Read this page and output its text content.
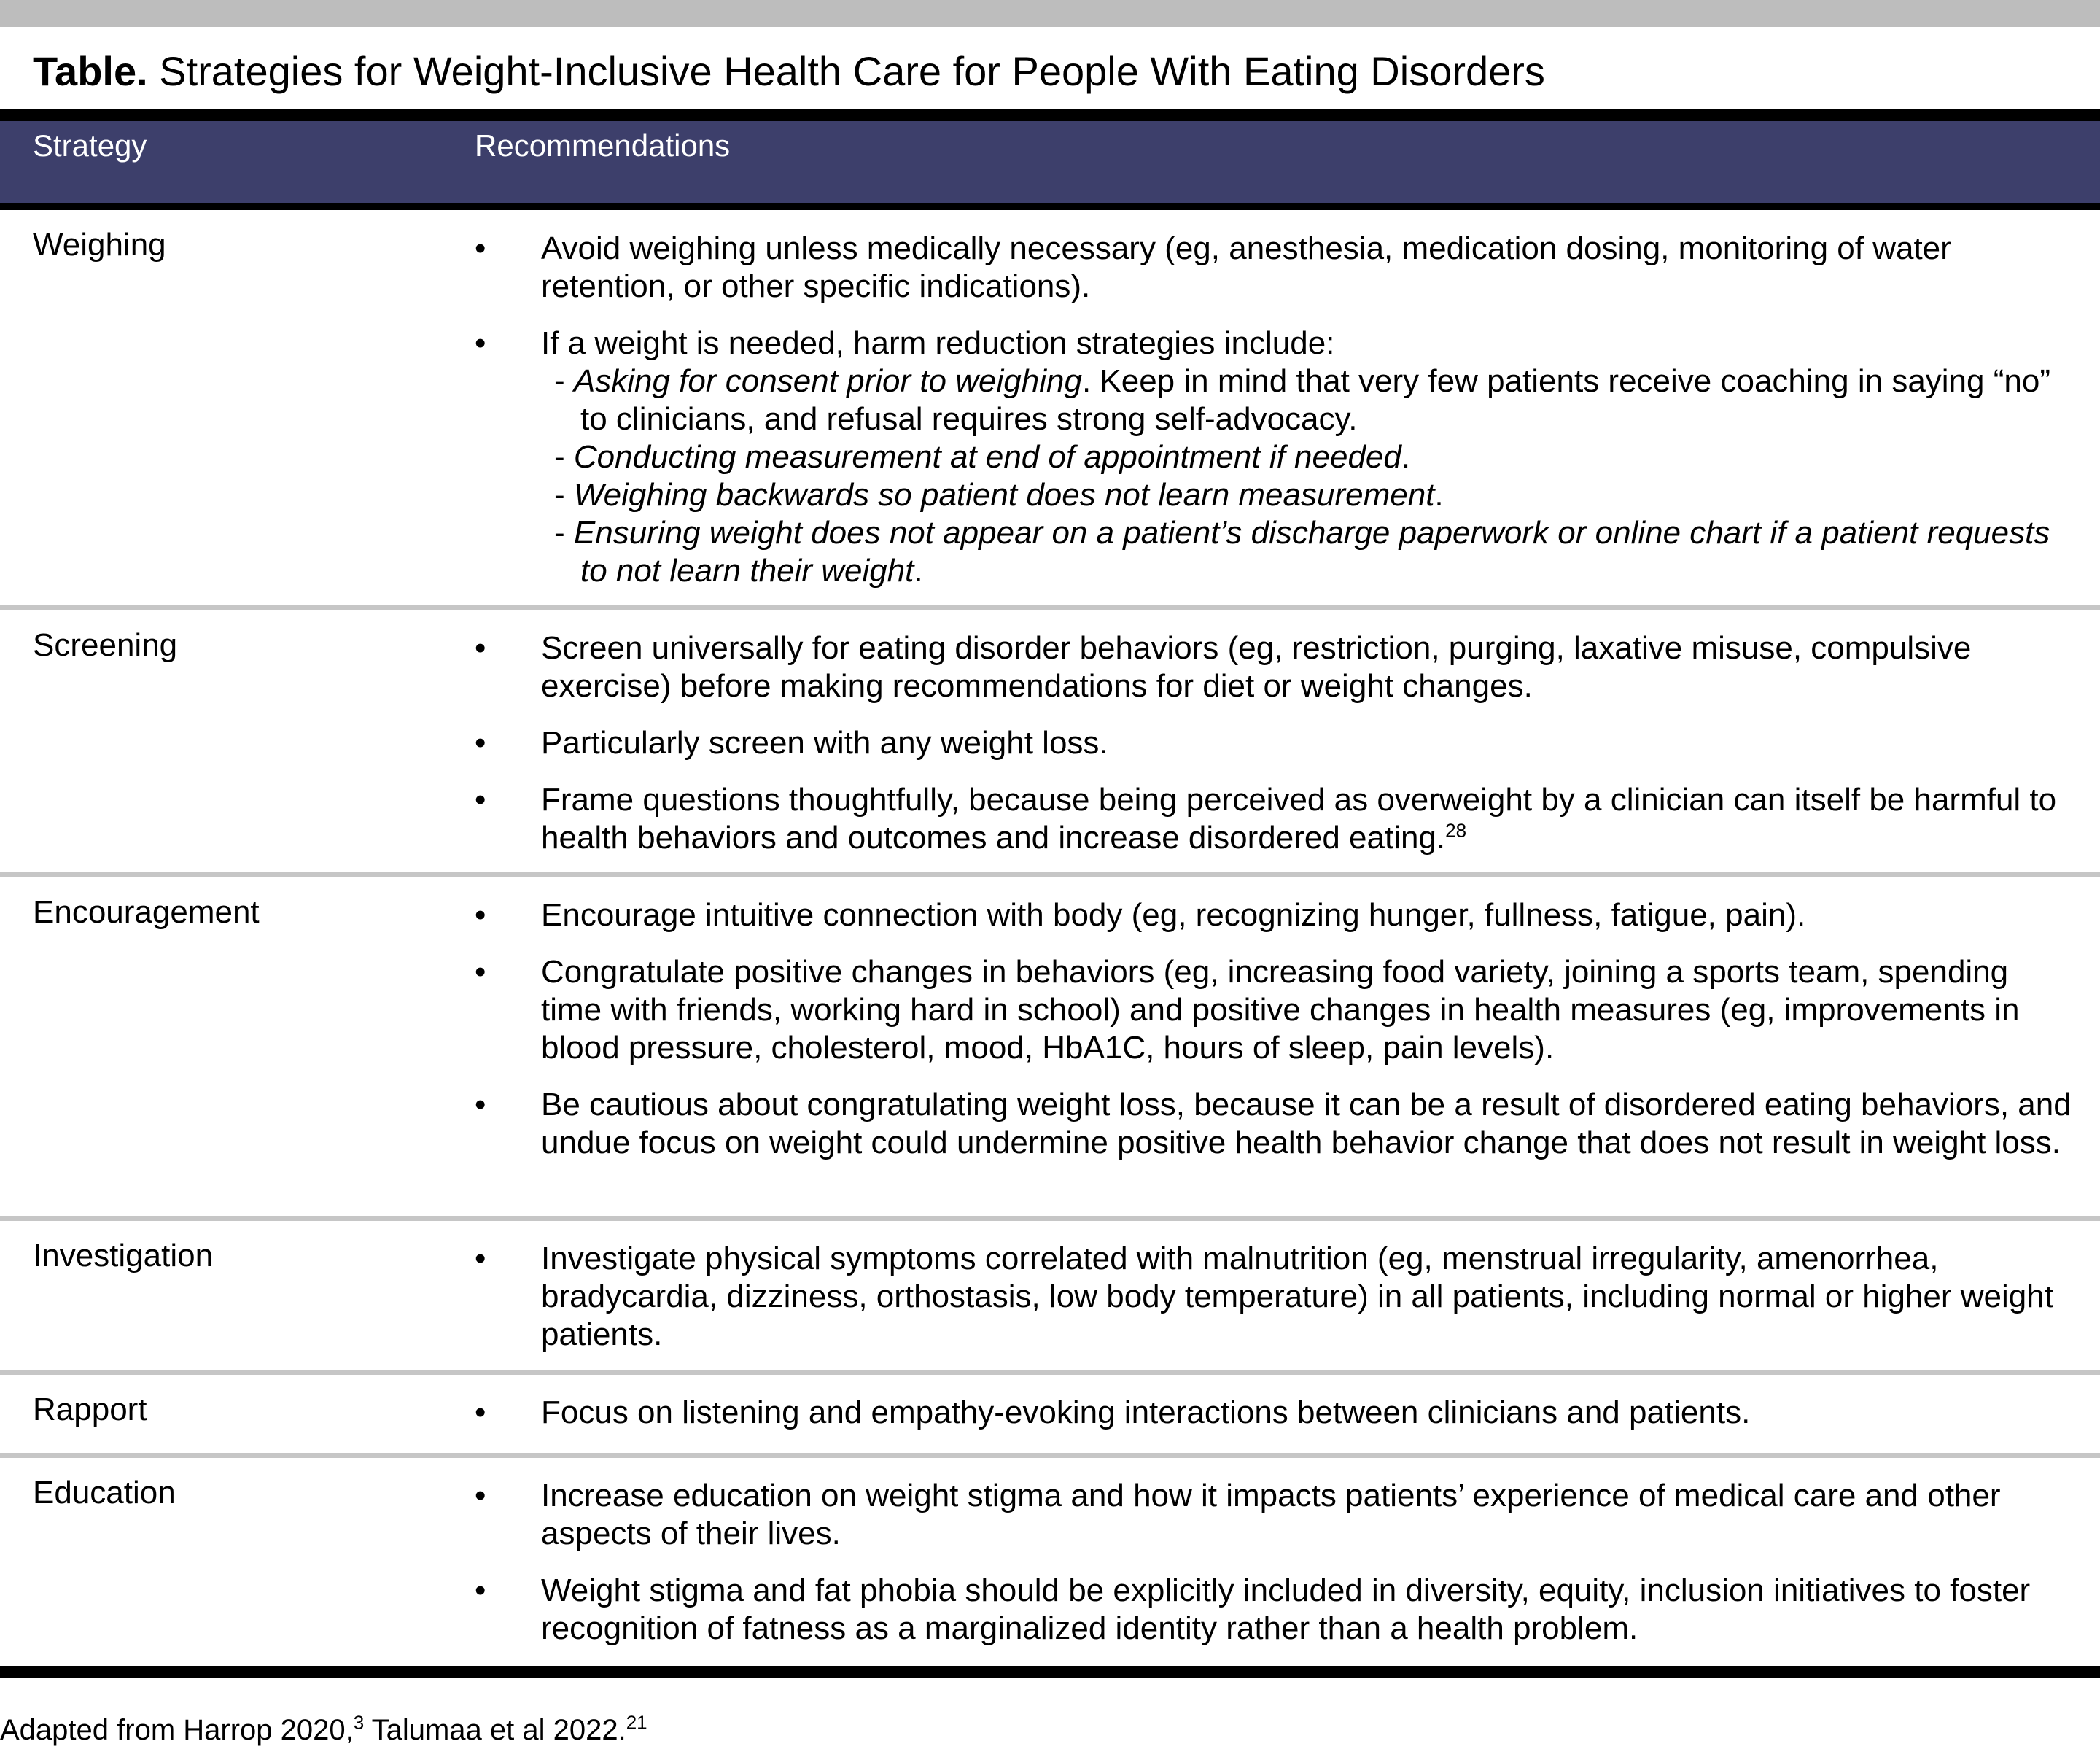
Table. Strategies for Weight-Inclusive Health Care for People With Eating Disorders
Strategy	Recommendations
Weighing	• Avoid weighing unless medically necessary (eg, anesthesia, medication dosing, monitoring of water retention, or other specific indications).
• If a weight is needed, harm reduction strategies include:
- Asking for consent prior to weighing. Keep in mind that very few patients receive coaching in saying “no” to clinicians, and refusal requires strong self-advocacy.
- Conducting measurement at end of appointment if needed.
- Weighing backwards so patient does not learn measurement.
- Ensuring weight does not appear on a patient’s discharge paperwork or online chart if a patient requests to not learn their weight.
Screening	• Screen universally for eating disorder behaviors (eg, restriction, purging, laxative misuse, compulsive exercise) before making recommendations for diet or weight changes.
• Particularly screen with any weight loss.
• Frame questions thoughtfully, because being perceived as overweight by a clinician can itself be harmful to health behaviors and outcomes and increase disordered eating.$^{28}$
Encouragement	• Encourage intuitive connection with body (eg, recognizing hunger, fullness, fatigue, pain).
• Congratulate positive changes in behaviors (eg, increasing food variety, joining a sports team, spending time with friends, working hard in school) and positive changes in health measures (eg, improvements in blood pressure, cholesterol, mood, HbA1C, hours of sleep, pain levels).
• Be cautious about congratulating weight loss, because it can be a result of disordered eating behaviors, and undue focus on weight could undermine positive health behavior change that does not result in weight loss.
Investigation	• Investigate physical symptoms correlated with malnutrition (eg, menstrual irregularity, amenorrhea, bradycardia, dizziness, orthostasis, low body temperature) in all patients, including normal or higher weight patients.
Rapport	• Focus on listening and empathy-evoking interactions between clinicians and patients.
Education	• Increase education on weight stigma and how it impacts patients’ experience of medical care and other aspects of their lives.
• Weight stigma and fat phobia should be explicitly included in diversity, equity, inclusion initiatives to foster recognition of fatness as a marginalized identity rather than a health problem.
Adapted from Harrop 2020,$^3$ Talumaa et al 2022.21
